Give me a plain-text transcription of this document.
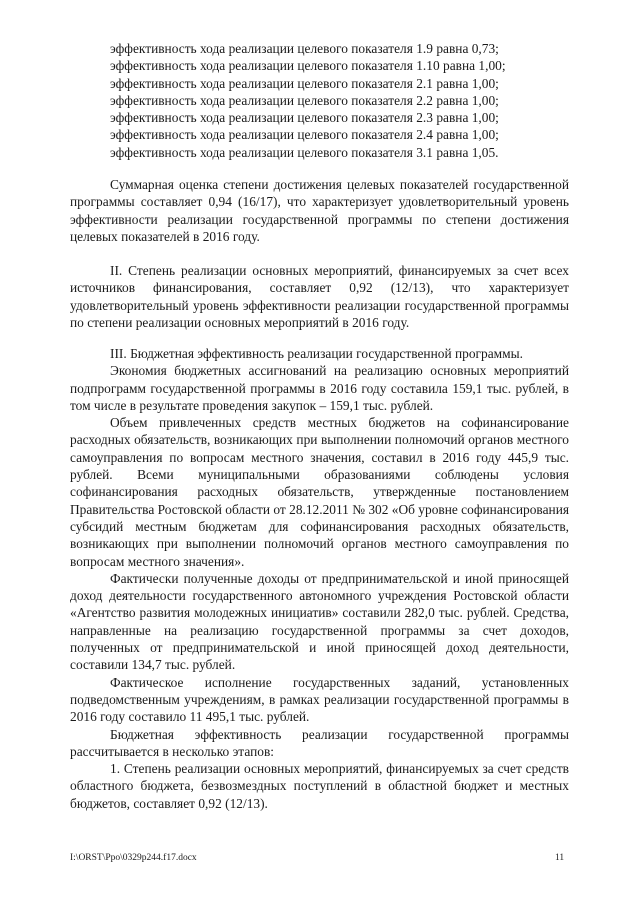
эффективность хода реализации целевого показателя 1.9 равна 0,73;
эффективность хода реализации целевого показателя 1.10 равна 1,00;
эффективность хода реализации целевого показателя 2.1 равна 1,00;
эффективность хода реализации целевого показателя 2.2 равна 1,00;
эффективность хода реализации целевого показателя 2.3 равна 1,00;
эффективность хода реализации целевого показателя 2.4 равна 1,00;
эффективность хода реализации целевого показателя 3.1 равна 1,05.

Суммарная оценка степени достижения целевых показателей государственной программы составляет 0,94 (16/17), что характеризует удовлетворительный уровень эффективности реализации государственной программы по степени достижения целевых показателей в 2016 году.

II. Степень реализации основных мероприятий, финансируемых за счет всех источников финансирования, составляет 0,92 (12/13), что характеризует удовлетворительный уровень эффективности реализации государственной программы по степени реализации основных мероприятий в 2016 году.

III. Бюджетная эффективность реализации государственной программы.

Экономия бюджетных ассигнований на реализацию основных мероприятий подпрограмм государственной программы в 2016 году составила 159,1 тыс. рублей, в том числе в результате проведения закупок – 159,1 тыс. рублей.

Объем привлеченных средств местных бюджетов на софинансирование расходных обязательств, возникающих при выполнении полномочий органов местного самоуправления по вопросам местного значения, составил в 2016 году 445,9 тыс. рублей. Всеми муниципальными образованиями соблюдены условия софинансирования расходных обязательств, утвержденные постановлением Правительства Ростовской области от 28.12.2011 № 302 «Об уровне софинансирования субсидий местным бюджетам для софинансирования расходных обязательств, возникающих при выполнении полномочий органов местного самоуправления по вопросам местного значения».

Фактически полученные доходы от предпринимательской и иной приносящей доход деятельности государственного автономного учреждения Ростовской области «Агентство развития молодежных инициатив» составили 282,0 тыс. рублей. Средства, направленные на реализацию государственной программы за счет доходов, полученных от предпринимательской и иной приносящей доход деятельности, составили 134,7 тыс. рублей.

Фактическое исполнение государственных заданий, установленных подведомственным учреждениям, в рамках реализации государственной программы в 2016 году составило 11 495,1 тыс. рублей.

Бюджетная эффективность реализации государственной программы рассчитывается в несколько этапов:

1. Степень реализации основных мероприятий, финансируемых за счет средств областного бюджета, безвозмездных поступлений в областной бюджет и местных бюджетов, составляет 0,92 (12/13).

I:\ORST\Ppo\0329p244.f17.docx	11
